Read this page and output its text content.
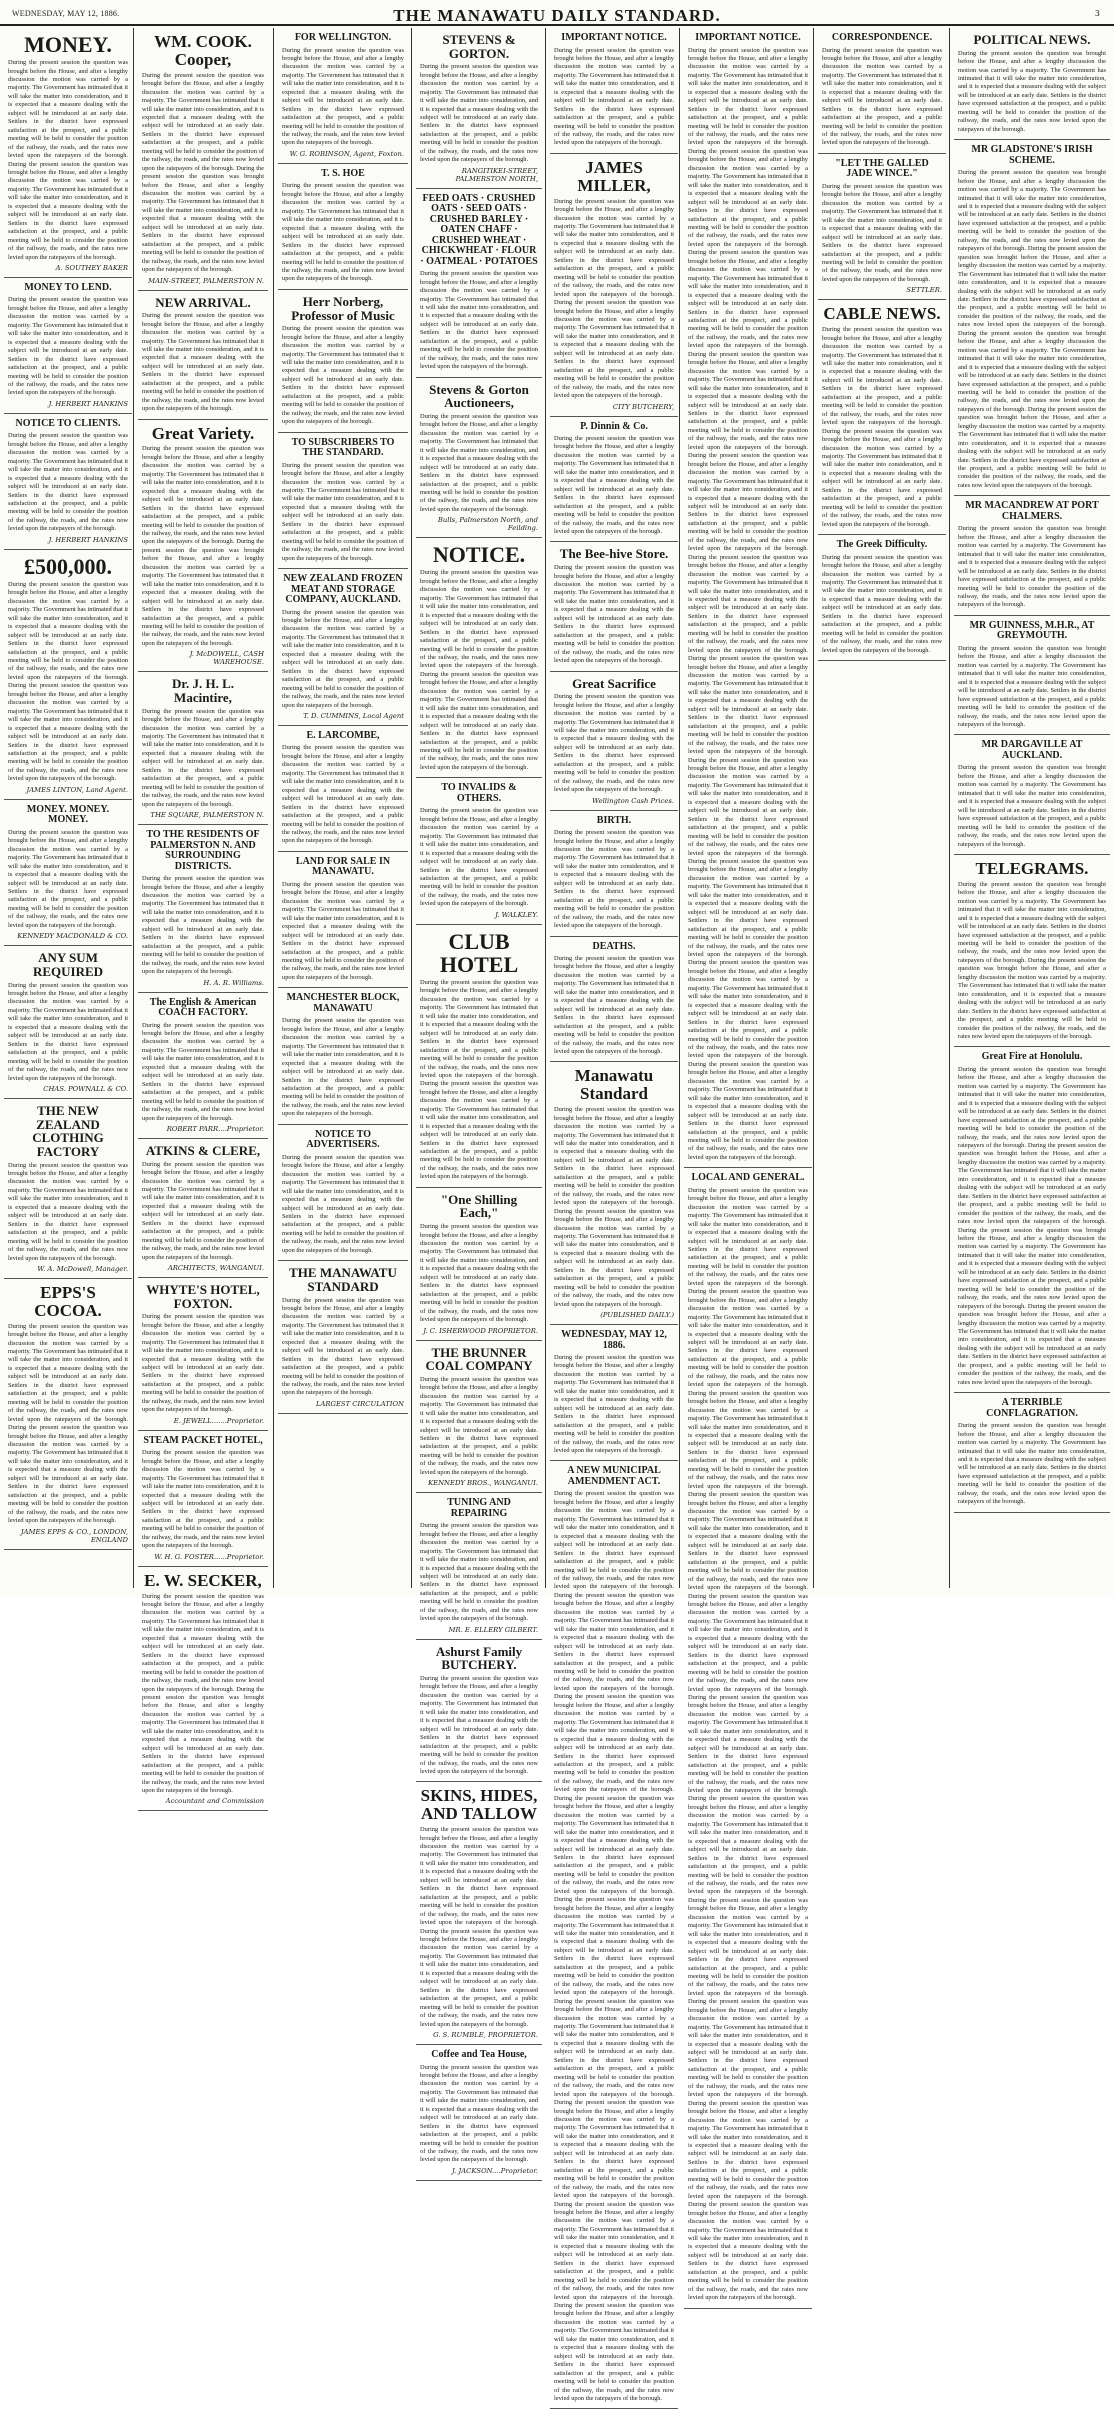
WEDNESDAY, MAY 12, 1886.	THE MANAWATU DAILY STANDARD.	3
MONEY.
During the present session the question was brought before the House, and after a lengthy discussion the motion was carried by a majority. The Government has intimated that it will take the matter into consideration, and it is expected that a measure dealing with the subject will be introduced at an early date. Settlers in the district have expressed satisfaction at the prospect, and a public meeting will be held to consider the position of the railway, the roads, and the rates now levied upon the ratepayers of the borough. During the present session the question was brought before the House, and after a lengthy discussion the motion was carried by a majority. The Government has intimated that it will take the matter into consideration, and it is expected that a measure dealing with the subject will be introduced at an early date. Settlers in the district have expressed satisfaction at the prospect, and a public meeting will be held to consider the position of the railway, the roads, and the rates now levied upon the ratepayers of the borough.
A. SOUTHEY BAKER
MONEY TO LEND.
During the present session the question was brought before the House, and after a lengthy discussion the motion was carried by a majority. The Government has intimated that it will take the matter into consideration, and it is expected that a measure dealing with the subject will be introduced at an early date. Settlers in the district have expressed satisfaction at the prospect, and a public meeting will be held to consider the position of the railway, the roads, and the rates now levied upon the ratepayers of the borough.
J. HERBERT HANKINS
NOTICE TO CLIENTS.
During the present session the question was brought before the House, and after a lengthy discussion the motion was carried by a majority. The Government has intimated that it will take the matter into consideration, and it is expected that a measure dealing with the subject will be introduced at an early date. Settlers in the district have expressed satisfaction at the prospect, and a public meeting will be held to consider the position of the railway, the roads, and the rates now levied upon the ratepayers of the borough.
J. HERBERT HANKINS
£500,000.
During the present session the question was brought before the House, and after a lengthy discussion the motion was carried by a majority. The Government has intimated that it will take the matter into consideration, and it is expected that a measure dealing with the subject will be introduced at an early date. Settlers in the district have expressed satisfaction at the prospect, and a public meeting will be held to consider the position of the railway, the roads, and the rates now levied upon the ratepayers of the borough. During the present session the question was brought before the House, and after a lengthy discussion the motion was carried by a majority. The Government has intimated that it will take the matter into consideration, and it is expected that a measure dealing with the subject will be introduced at an early date. Settlers in the district have expressed satisfaction at the prospect, and a public meeting will be held to consider the position of the railway, the roads, and the rates now levied upon the ratepayers of the borough.
JAMES LINTON, Land Agent.
MONEY. MONEY. MONEY.
During the present session the question was brought before the House, and after a lengthy discussion the motion was carried by a majority. The Government has intimated that it will take the matter into consideration, and it is expected that a measure dealing with the subject will be introduced at an early date. Settlers in the district have expressed satisfaction at the prospect, and a public meeting will be held to consider the position of the railway, the roads, and the rates now levied upon the ratepayers of the borough.
KENNEDY MACDONALD & CO.
ANY SUM REQUIRED
During the present session the question was brought before the House, and after a lengthy discussion the motion was carried by a majority. The Government has intimated that it will take the matter into consideration, and it is expected that a measure dealing with the subject will be introduced at an early date. Settlers in the district have expressed satisfaction at the prospect, and a public meeting will be held to consider the position of the railway, the roads, and the rates now levied upon the ratepayers of the borough.
CHAS. POWNALL & CO.
THE NEW ZEALAND CLOTHING FACTORY
During the present session the question was brought before the House, and after a lengthy discussion the motion was carried by a majority. The Government has intimated that it will take the matter into consideration, and it is expected that a measure dealing with the subject will be introduced at an early date. Settlers in the district have expressed satisfaction at the prospect, and a public meeting will be held to consider the position of the railway, the roads, and the rates now levied upon the ratepayers of the borough.
W. A. McDowell, Manager.
EPPS'S COCOA.
During the present session the question was brought before the House, and after a lengthy discussion the motion was carried by a majority. The Government has intimated that it will take the matter into consideration, and it is expected that a measure dealing with the subject will be introduced at an early date. Settlers in the district have expressed satisfaction at the prospect, and a public meeting will be held to consider the position of the railway, the roads, and the rates now levied upon the ratepayers of the borough. During the present session the question was brought before the House, and after a lengthy discussion the motion was carried by a majority. The Government has intimated that it will take the matter into consideration, and it is expected that a measure dealing with the subject will be introduced at an early date. Settlers in the district have expressed satisfaction at the prospect, and a public meeting will be held to consider the position of the railway, the roads, and the rates now levied upon the ratepayers of the borough.
JAMES EPPS & CO., LONDON, ENGLAND
WM. COOK. Cooper,
During the present session the question was brought before the House, and after a lengthy discussion the motion was carried by a majority. The Government has intimated that it will take the matter into consideration, and it is expected that a measure dealing with the subject will be introduced at an early date. Settlers in the district have expressed satisfaction at the prospect, and a public meeting will be held to consider the position of the railway, the roads, and the rates now levied upon the ratepayers of the borough. During the present session the question was brought before the House, and after a lengthy discussion the motion was carried by a majority. The Government has intimated that it will take the matter into consideration, and it is expected that a measure dealing with the subject will be introduced at an early date. Settlers in the district have expressed satisfaction at the prospect, and a public meeting will be held to consider the position of the railway, the roads, and the rates now levied upon the ratepayers of the borough.
MAIN-STREET, PALMERSTON N.
NEW ARRIVAL.
During the present session the question was brought before the House, and after a lengthy discussion the motion was carried by a majority. The Government has intimated that it will take the matter into consideration, and it is expected that a measure dealing with the subject will be introduced at an early date. Settlers in the district have expressed satisfaction at the prospect, and a public meeting will be held to consider the position of the railway, the roads, and the rates now levied upon the ratepayers of the borough.
Great Variety.
During the present session the question was brought before the House, and after a lengthy discussion the motion was carried by a majority. The Government has intimated that it will take the matter into consideration, and it is expected that a measure dealing with the subject will be introduced at an early date. Settlers in the district have expressed satisfaction at the prospect, and a public meeting will be held to consider the position of the railway, the roads, and the rates now levied upon the ratepayers of the borough. During the present session the question was brought before the House, and after a lengthy discussion the motion was carried by a majority. The Government has intimated that it will take the matter into consideration, and it is expected that a measure dealing with the subject will be introduced at an early date. Settlers in the district have expressed satisfaction at the prospect, and a public meeting will be held to consider the position of the railway, the roads, and the rates now levied upon the ratepayers of the borough.
J. McDOWELL, CASH WAREHOUSE.
Dr. J. H. L. Macintire,
During the present session the question was brought before the House, and after a lengthy discussion the motion was carried by a majority. The Government has intimated that it will take the matter into consideration, and it is expected that a measure dealing with the subject will be introduced at an early date. Settlers in the district have expressed satisfaction at the prospect, and a public meeting will be held to consider the position of the railway, the roads, and the rates now levied upon the ratepayers of the borough.
THE SQUARE, PALMERSTON N.
TO THE RESIDENTS OF PALMERSTON N. AND SURROUNDING DISTRICTS.
During the present session the question was brought before the House, and after a lengthy discussion the motion was carried by a majority. The Government has intimated that it will take the matter into consideration, and it is expected that a measure dealing with the subject will be introduced at an early date. Settlers in the district have expressed satisfaction at the prospect, and a public meeting will be held to consider the position of the railway, the roads, and the rates now levied upon the ratepayers of the borough.
H. A. R. Williams.
The English & American COACH FACTORY.
During the present session the question was brought before the House, and after a lengthy discussion the motion was carried by a majority. The Government has intimated that it will take the matter into consideration, and it is expected that a measure dealing with the subject will be introduced at an early date. Settlers in the district have expressed satisfaction at the prospect, and a public meeting will be held to consider the position of the railway, the roads, and the rates now levied upon the ratepayers of the borough.
ROBERT PARR....Proprietor.
ATKINS & CLERE,
During the present session the question was brought before the House, and after a lengthy discussion the motion was carried by a majority. The Government has intimated that it will take the matter into consideration, and it is expected that a measure dealing with the subject will be introduced at an early date. Settlers in the district have expressed satisfaction at the prospect, and a public meeting will be held to consider the position of the railway, the roads, and the rates now levied upon the ratepayers of the borough.
ARCHITECTS, WANGANUI.
WHYTE'S HOTEL, FOXTON.
During the present session the question was brought before the House, and after a lengthy discussion the motion was carried by a majority. The Government has intimated that it will take the matter into consideration, and it is expected that a measure dealing with the subject will be introduced at an early date. Settlers in the district have expressed satisfaction at the prospect, and a public meeting will be held to consider the position of the railway, the roads, and the rates now levied upon the ratepayers of the borough.
E. JEWELL.......Proprietor.
STEAM PACKET HOTEL,
During the present session the question was brought before the House, and after a lengthy discussion the motion was carried by a majority. The Government has intimated that it will take the matter into consideration, and it is expected that a measure dealing with the subject will be introduced at an early date. Settlers in the district have expressed satisfaction at the prospect, and a public meeting will be held to consider the position of the railway, the roads, and the rates now levied upon the ratepayers of the borough.
W. H. G. FOSTER......Proprietor.
E. W. SECKER,
During the present session the question was brought before the House, and after a lengthy discussion the motion was carried by a majority. The Government has intimated that it will take the matter into consideration, and it is expected that a measure dealing with the subject will be introduced at an early date. Settlers in the district have expressed satisfaction at the prospect, and a public meeting will be held to consider the position of the railway, the roads, and the rates now levied upon the ratepayers of the borough. During the present session the question was brought before the House, and after a lengthy discussion the motion was carried by a majority. The Government has intimated that it will take the matter into consideration, and it is expected that a measure dealing with the subject will be introduced at an early date. Settlers in the district have expressed satisfaction at the prospect, and a public meeting will be held to consider the position of the railway, the roads, and the rates now levied upon the ratepayers of the borough.
Accountant and Commission
FOR WELLINGTON.
During the present session the question was brought before the House, and after a lengthy discussion the motion was carried by a majority. The Government has intimated that it will take the matter into consideration, and it is expected that a measure dealing with the subject will be introduced at an early date. Settlers in the district have expressed satisfaction at the prospect, and a public meeting will be held to consider the position of the railway, the roads, and the rates now levied upon the ratepayers of the borough.
W. G. ROBINSON, Agent, Foxton.
T. S. HOE
During the present session the question was brought before the House, and after a lengthy discussion the motion was carried by a majority. The Government has intimated that it will take the matter into consideration, and it is expected that a measure dealing with the subject will be introduced at an early date. Settlers in the district have expressed satisfaction at the prospect, and a public meeting will be held to consider the position of the railway, the roads, and the rates now levied upon the ratepayers of the borough.
Herr Norberg, Professor of Music
During the present session the question was brought before the House, and after a lengthy discussion the motion was carried by a majority. The Government has intimated that it will take the matter into consideration, and it is expected that a measure dealing with the subject will be introduced at an early date. Settlers in the district have expressed satisfaction at the prospect, and a public meeting will be held to consider the position of the railway, the roads, and the rates now levied upon the ratepayers of the borough.
TO SUBSCRIBERS TO THE STANDARD.
During the present session the question was brought before the House, and after a lengthy discussion the motion was carried by a majority. The Government has intimated that it will take the matter into consideration, and it is expected that a measure dealing with the subject will be introduced at an early date. Settlers in the district have expressed satisfaction at the prospect, and a public meeting will be held to consider the position of the railway, the roads, and the rates now levied upon the ratepayers of the borough.
NEW ZEALAND FROZEN MEAT AND STORAGE COMPANY, AUCKLAND.
During the present session the question was brought before the House, and after a lengthy discussion the motion was carried by a majority. The Government has intimated that it will take the matter into consideration, and it is expected that a measure dealing with the subject will be introduced at an early date. Settlers in the district have expressed satisfaction at the prospect, and a public meeting will be held to consider the position of the railway, the roads, and the rates now levied upon the ratepayers of the borough.
T. D. CUMMINS, Local Agent
E. LARCOMBE,
During the present session the question was brought before the House, and after a lengthy discussion the motion was carried by a majority. The Government has intimated that it will take the matter into consideration, and it is expected that a measure dealing with the subject will be introduced at an early date. Settlers in the district have expressed satisfaction at the prospect, and a public meeting will be held to consider the position of the railway, the roads, and the rates now levied upon the ratepayers of the borough.
LAND FOR SALE IN MANAWATU.
During the present session the question was brought before the House, and after a lengthy discussion the motion was carried by a majority. The Government has intimated that it will take the matter into consideration, and it is expected that a measure dealing with the subject will be introduced at an early date. Settlers in the district have expressed satisfaction at the prospect, and a public meeting will be held to consider the position of the railway, the roads, and the rates now levied upon the ratepayers of the borough.
MANCHESTER BLOCK, MANAWATU
During the present session the question was brought before the House, and after a lengthy discussion the motion was carried by a majority. The Government has intimated that it will take the matter into consideration, and it is expected that a measure dealing with the subject will be introduced at an early date. Settlers in the district have expressed satisfaction at the prospect, and a public meeting will be held to consider the position of the railway, the roads, and the rates now levied upon the ratepayers of the borough.
NOTICE TO ADVERTISERS.
During the present session the question was brought before the House, and after a lengthy discussion the motion was carried by a majority. The Government has intimated that it will take the matter into consideration, and it is expected that a measure dealing with the subject will be introduced at an early date. Settlers in the district have expressed satisfaction at the prospect, and a public meeting will be held to consider the position of the railway, the roads, and the rates now levied upon the ratepayers of the borough.
THE MANAWATU STANDARD
During the present session the question was brought before the House, and after a lengthy discussion the motion was carried by a majority. The Government has intimated that it will take the matter into consideration, and it is expected that a measure dealing with the subject will be introduced at an early date. Settlers in the district have expressed satisfaction at the prospect, and a public meeting will be held to consider the position of the railway, the roads, and the rates now levied upon the ratepayers of the borough.
LARGEST CIRCULATION
STEVENS & GORTON.
During the present session the question was brought before the House, and after a lengthy discussion the motion was carried by a majority. The Government has intimated that it will take the matter into consideration, and it is expected that a measure dealing with the subject will be introduced at an early date. Settlers in the district have expressed satisfaction at the prospect, and a public meeting will be held to consider the position of the railway, the roads, and the rates now levied upon the ratepayers of the borough.
RANGITIKEI-STREET, PALMERSTON NORTH,
FEED OATS · CRUSHED OATS · SEED OATS · CRUSHED BARLEY · OATEN CHAFF · CRUSHED WHEAT · CHICKWHEAT · FLOUR · OATMEAL · POTATOES
During the present session the question was brought before the House, and after a lengthy discussion the motion was carried by a majority. The Government has intimated that it will take the matter into consideration, and it is expected that a measure dealing with the subject will be introduced at an early date. Settlers in the district have expressed satisfaction at the prospect, and a public meeting will be held to consider the position of the railway, the roads, and the rates now levied upon the ratepayers of the borough.
Stevens & Gorton Auctioneers,
During the present session the question was brought before the House, and after a lengthy discussion the motion was carried by a majority. The Government has intimated that it will take the matter into consideration, and it is expected that a measure dealing with the subject will be introduced at an early date. Settlers in the district have expressed satisfaction at the prospect, and a public meeting will be held to consider the position of the railway, the roads, and the rates now levied upon the ratepayers of the borough.
Bulls, Palmerston North, and Feilding.
NOTICE.
During the present session the question was brought before the House, and after a lengthy discussion the motion was carried by a majority. The Government has intimated that it will take the matter into consideration, and it is expected that a measure dealing with the subject will be introduced at an early date. Settlers in the district have expressed satisfaction at the prospect, and a public meeting will be held to consider the position of the railway, the roads, and the rates now levied upon the ratepayers of the borough. During the present session the question was brought before the House, and after a lengthy discussion the motion was carried by a majority. The Government has intimated that it will take the matter into consideration, and it is expected that a measure dealing with the subject will be introduced at an early date. Settlers in the district have expressed satisfaction at the prospect, and a public meeting will be held to consider the position of the railway, the roads, and the rates now levied upon the ratepayers of the borough.
TO INVALIDS & OTHERS.
During the present session the question was brought before the House, and after a lengthy discussion the motion was carried by a majority. The Government has intimated that it will take the matter into consideration, and it is expected that a measure dealing with the subject will be introduced at an early date. Settlers in the district have expressed satisfaction at the prospect, and a public meeting will be held to consider the position of the railway, the roads, and the rates now levied upon the ratepayers of the borough.
J. WALKLEY.
CLUB HOTEL
During the present session the question was brought before the House, and after a lengthy discussion the motion was carried by a majority. The Government has intimated that it will take the matter into consideration, and it is expected that a measure dealing with the subject will be introduced at an early date. Settlers in the district have expressed satisfaction at the prospect, and a public meeting will be held to consider the position of the railway, the roads, and the rates now levied upon the ratepayers of the borough. During the present session the question was brought before the House, and after a lengthy discussion the motion was carried by a majority. The Government has intimated that it will take the matter into consideration, and it is expected that a measure dealing with the subject will be introduced at an early date. Settlers in the district have expressed satisfaction at the prospect, and a public meeting will be held to consider the position of the railway, the roads, and the rates now levied upon the ratepayers of the borough.
"One Shilling Each,"
During the present session the question was brought before the House, and after a lengthy discussion the motion was carried by a majority. The Government has intimated that it will take the matter into consideration, and it is expected that a measure dealing with the subject will be introduced at an early date. Settlers in the district have expressed satisfaction at the prospect, and a public meeting will be held to consider the position of the railway, the roads, and the rates now levied upon the ratepayers of the borough.
J. C. ISHERWOOD PROPRIETOR.
THE BRUNNER COAL COMPANY
During the present session the question was brought before the House, and after a lengthy discussion the motion was carried by a majority. The Government has intimated that it will take the matter into consideration, and it is expected that a measure dealing with the subject will be introduced at an early date. Settlers in the district have expressed satisfaction at the prospect, and a public meeting will be held to consider the position of the railway, the roads, and the rates now levied upon the ratepayers of the borough.
KENNEDY BROS., WANGANUI.
TUNING AND REPAIRING
During the present session the question was brought before the House, and after a lengthy discussion the motion was carried by a majority. The Government has intimated that it will take the matter into consideration, and it is expected that a measure dealing with the subject will be introduced at an early date. Settlers in the district have expressed satisfaction at the prospect, and a public meeting will be held to consider the position of the railway, the roads, and the rates now levied upon the ratepayers of the borough.
MR. E. ELLERY GILBERT.
Ashurst Family BUTCHERY.
During the present session the question was brought before the House, and after a lengthy discussion the motion was carried by a majority. The Government has intimated that it will take the matter into consideration, and it is expected that a measure dealing with the subject will be introduced at an early date. Settlers in the district have expressed satisfaction at the prospect, and a public meeting will be held to consider the position of the railway, the roads, and the rates now levied upon the ratepayers of the borough.
SKINS, HIDES, AND TALLOW
During the present session the question was brought before the House, and after a lengthy discussion the motion was carried by a majority. The Government has intimated that it will take the matter into consideration, and it is expected that a measure dealing with the subject will be introduced at an early date. Settlers in the district have expressed satisfaction at the prospect, and a public meeting will be held to consider the position of the railway, the roads, and the rates now levied upon the ratepayers of the borough. During the present session the question was brought before the House, and after a lengthy discussion the motion was carried by a majority. The Government has intimated that it will take the matter into consideration, and it is expected that a measure dealing with the subject will be introduced at an early date. Settlers in the district have expressed satisfaction at the prospect, and a public meeting will be held to consider the position of the railway, the roads, and the rates now levied upon the ratepayers of the borough.
G. S. RUMBLE, PROPRIETOR.
Coffee and Tea House,
During the present session the question was brought before the House, and after a lengthy discussion the motion was carried by a majority. The Government has intimated that it will take the matter into consideration, and it is expected that a measure dealing with the subject will be introduced at an early date. Settlers in the district have expressed satisfaction at the prospect, and a public meeting will be held to consider the position of the railway, the roads, and the rates now levied upon the ratepayers of the borough.
J. JACKSON....Proprietor.
IMPORTANT NOTICE.
During the present session the question was brought before the House, and after a lengthy discussion the motion was carried by a majority. The Government has intimated that it will take the matter into consideration, and it is expected that a measure dealing with the subject will be introduced at an early date. Settlers in the district have expressed satisfaction at the prospect, and a public meeting will be held to consider the position of the railway, the roads, and the rates now levied upon the ratepayers of the borough.
JAMES MILLER,
During the present session the question was brought before the House, and after a lengthy discussion the motion was carried by a majority. The Government has intimated that it will take the matter into consideration, and it is expected that a measure dealing with the subject will be introduced at an early date. Settlers in the district have expressed satisfaction at the prospect, and a public meeting will be held to consider the position of the railway, the roads, and the rates now levied upon the ratepayers of the borough. During the present session the question was brought before the House, and after a lengthy discussion the motion was carried by a majority. The Government has intimated that it will take the matter into consideration, and it is expected that a measure dealing with the subject will be introduced at an early date. Settlers in the district have expressed satisfaction at the prospect, and a public meeting will be held to consider the position of the railway, the roads, and the rates now levied upon the ratepayers of the borough.
CITY BUTCHERY,
P. Dinnin & Co.
During the present session the question was brought before the House, and after a lengthy discussion the motion was carried by a majority. The Government has intimated that it will take the matter into consideration, and it is expected that a measure dealing with the subject will be introduced at an early date. Settlers in the district have expressed satisfaction at the prospect, and a public meeting will be held to consider the position of the railway, the roads, and the rates now levied upon the ratepayers of the borough.
The Bee-hive Store.
During the present session the question was brought before the House, and after a lengthy discussion the motion was carried by a majority. The Government has intimated that it will take the matter into consideration, and it is expected that a measure dealing with the subject will be introduced at an early date. Settlers in the district have expressed satisfaction at the prospect, and a public meeting will be held to consider the position of the railway, the roads, and the rates now levied upon the ratepayers of the borough.
Great Sacrifice
During the present session the question was brought before the House, and after a lengthy discussion the motion was carried by a majority. The Government has intimated that it will take the matter into consideration, and it is expected that a measure dealing with the subject will be introduced at an early date. Settlers in the district have expressed satisfaction at the prospect, and a public meeting will be held to consider the position of the railway, the roads, and the rates now levied upon the ratepayers of the borough.
Wellington Cash Prices.
BIRTH.
During the present session the question was brought before the House, and after a lengthy discussion the motion was carried by a majority. The Government has intimated that it will take the matter into consideration, and it is expected that a measure dealing with the subject will be introduced at an early date. Settlers in the district have expressed satisfaction at the prospect, and a public meeting will be held to consider the position of the railway, the roads, and the rates now levied upon the ratepayers of the borough.
DEATHS.
During the present session the question was brought before the House, and after a lengthy discussion the motion was carried by a majority. The Government has intimated that it will take the matter into consideration, and it is expected that a measure dealing with the subject will be introduced at an early date. Settlers in the district have expressed satisfaction at the prospect, and a public meeting will be held to consider the position of the railway, the roads, and the rates now levied upon the ratepayers of the borough.
Manawatu Standard
During the present session the question was brought before the House, and after a lengthy discussion the motion was carried by a majority. The Government has intimated that it will take the matter into consideration, and it is expected that a measure dealing with the subject will be introduced at an early date. Settlers in the district have expressed satisfaction at the prospect, and a public meeting will be held to consider the position of the railway, the roads, and the rates now levied upon the ratepayers of the borough. During the present session the question was brought before the House, and after a lengthy discussion the motion was carried by a majority. The Government has intimated that it will take the matter into consideration, and it is expected that a measure dealing with the subject will be introduced at an early date. Settlers in the district have expressed satisfaction at the prospect, and a public meeting will be held to consider the position of the railway, the roads, and the rates now levied upon the ratepayers of the borough.
(PUBLISHED DAILY.)
WEDNESDAY, MAY 12, 1886.
During the present session the question was brought before the House, and after a lengthy discussion the motion was carried by a majority. The Government has intimated that it will take the matter into consideration, and it is expected that a measure dealing with the subject will be introduced at an early date. Settlers in the district have expressed satisfaction at the prospect, and a public meeting will be held to consider the position of the railway, the roads, and the rates now levied upon the ratepayers of the borough.
A NEW MUNICIPAL AMENDMENT ACT.
During the present session the question was brought before the House, and after a lengthy discussion the motion was carried by a majority. The Government has intimated that it will take the matter into consideration, and it is expected that a measure dealing with the subject will be introduced at an early date. Settlers in the district have expressed satisfaction at the prospect, and a public meeting will be held to consider the position of the railway, the roads, and the rates now levied upon the ratepayers of the borough. During the present session the question was brought before the House, and after a lengthy discussion the motion was carried by a majority. The Government has intimated that it will take the matter into consideration, and it is expected that a measure dealing with the subject will be introduced at an early date. Settlers in the district have expressed satisfaction at the prospect, and a public meeting will be held to consider the position of the railway, the roads, and the rates now levied upon the ratepayers of the borough. During the present session the question was brought before the House, and after a lengthy discussion the motion was carried by a majority. The Government has intimated that it will take the matter into consideration, and it is expected that a measure dealing with the subject will be introduced at an early date. Settlers in the district have expressed satisfaction at the prospect, and a public meeting will be held to consider the position of the railway, the roads, and the rates now levied upon the ratepayers of the borough. During the present session the question was brought before the House, and after a lengthy discussion the motion was carried by a majority. The Government has intimated that it will take the matter into consideration, and it is expected that a measure dealing with the subject will be introduced at an early date. Settlers in the district have expressed satisfaction at the prospect, and a public meeting will be held to consider the position of the railway, the roads, and the rates now levied upon the ratepayers of the borough. During the present session the question was brought before the House, and after a lengthy discussion the motion was carried by a majority. The Government has intimated that it will take the matter into consideration, and it is expected that a measure dealing with the subject will be introduced at an early date. Settlers in the district have expressed satisfaction at the prospect, and a public meeting will be held to consider the position of the railway, the roads, and the rates now levied upon the ratepayers of the borough. During the present session the question was brought before the House, and after a lengthy discussion the motion was carried by a majority. The Government has intimated that it will take the matter into consideration, and it is expected that a measure dealing with the subject will be introduced at an early date. Settlers in the district have expressed satisfaction at the prospect, and a public meeting will be held to consider the position of the railway, the roads, and the rates now levied upon the ratepayers of the borough. During the present session the question was brought before the House, and after a lengthy discussion the motion was carried by a majority. The Government has intimated that it will take the matter into consideration, and it is expected that a measure dealing with the subject will be introduced at an early date. Settlers in the district have expressed satisfaction at the prospect, and a public meeting will be held to consider the position of the railway, the roads, and the rates now levied upon the ratepayers of the borough. During the present session the question was brought before the House, and after a lengthy discussion the motion was carried by a majority. The Government has intimated that it will take the matter into consideration, and it is expected that a measure dealing with the subject will be introduced at an early date. Settlers in the district have expressed satisfaction at the prospect, and a public meeting will be held to consider the position of the railway, the roads, and the rates now levied upon the ratepayers of the borough. During the present session the question was brought before the House, and after a lengthy discussion the motion was carried by a majority. The Government has intimated that it will take the matter into consideration, and it is expected that a measure dealing with the subject will be introduced at an early date. Settlers in the district have expressed satisfaction at the prospect, and a public meeting will be held to consider the position of the railway, the roads, and the rates now levied upon the ratepayers of the borough.
IMPORTANT NOTICE.
During the present session the question was brought before the House, and after a lengthy discussion the motion was carried by a majority. The Government has intimated that it will take the matter into consideration, and it is expected that a measure dealing with the subject will be introduced at an early date. Settlers in the district have expressed satisfaction at the prospect, and a public meeting will be held to consider the position of the railway, the roads, and the rates now levied upon the ratepayers of the borough. During the present session the question was brought before the House, and after a lengthy discussion the motion was carried by a majority. The Government has intimated that it will take the matter into consideration, and it is expected that a measure dealing with the subject will be introduced at an early date. Settlers in the district have expressed satisfaction at the prospect, and a public meeting will be held to consider the position of the railway, the roads, and the rates now levied upon the ratepayers of the borough. During the present session the question was brought before the House, and after a lengthy discussion the motion was carried by a majority. The Government has intimated that it will take the matter into consideration, and it is expected that a measure dealing with the subject will be introduced at an early date. Settlers in the district have expressed satisfaction at the prospect, and a public meeting will be held to consider the position of the railway, the roads, and the rates now levied upon the ratepayers of the borough. During the present session the question was brought before the House, and after a lengthy discussion the motion was carried by a majority. The Government has intimated that it will take the matter into consideration, and it is expected that a measure dealing with the subject will be introduced at an early date. Settlers in the district have expressed satisfaction at the prospect, and a public meeting will be held to consider the position of the railway, the roads, and the rates now levied upon the ratepayers of the borough. During the present session the question was brought before the House, and after a lengthy discussion the motion was carried by a majority. The Government has intimated that it will take the matter into consideration, and it is expected that a measure dealing with the subject will be introduced at an early date. Settlers in the district have expressed satisfaction at the prospect, and a public meeting will be held to consider the position of the railway, the roads, and the rates now levied upon the ratepayers of the borough. During the present session the question was brought before the House, and after a lengthy discussion the motion was carried by a majority. The Government has intimated that it will take the matter into consideration, and it is expected that a measure dealing with the subject will be introduced at an early date. Settlers in the district have expressed satisfaction at the prospect, and a public meeting will be held to consider the position of the railway, the roads, and the rates now levied upon the ratepayers of the borough. During the present session the question was brought before the House, and after a lengthy discussion the motion was carried by a majority. The Government has intimated that it will take the matter into consideration, and it is expected that a measure dealing with the subject will be introduced at an early date. Settlers in the district have expressed satisfaction at the prospect, and a public meeting will be held to consider the position of the railway, the roads, and the rates now levied upon the ratepayers of the borough. During the present session the question was brought before the House, and after a lengthy discussion the motion was carried by a majority. The Government has intimated that it will take the matter into consideration, and it is expected that a measure dealing with the subject will be introduced at an early date. Settlers in the district have expressed satisfaction at the prospect, and a public meeting will be held to consider the position of the railway, the roads, and the rates now levied upon the ratepayers of the borough. During the present session the question was brought before the House, and after a lengthy discussion the motion was carried by a majority. The Government has intimated that it will take the matter into consideration, and it is expected that a measure dealing with the subject will be introduced at an early date. Settlers in the district have expressed satisfaction at the prospect, and a public meeting will be held to consider the position of the railway, the roads, and the rates now levied upon the ratepayers of the borough. During the present session the question was brought before the House, and after a lengthy discussion the motion was carried by a majority. The Government has intimated that it will take the matter into consideration, and it is expected that a measure dealing with the subject will be introduced at an early date. Settlers in the district have expressed satisfaction at the prospect, and a public meeting will be held to consider the position of the railway, the roads, and the rates now levied upon the ratepayers of the borough. During the present session the question was brought before the House, and after a lengthy discussion the motion was carried by a majority. The Government has intimated that it will take the matter into consideration, and it is expected that a measure dealing with the subject will be introduced at an early date. Settlers in the district have expressed satisfaction at the prospect, and a public meeting will be held to consider the position of the railway, the roads, and the rates now levied upon the ratepayers of the borough.
LOCAL AND GENERAL.
During the present session the question was brought before the House, and after a lengthy discussion the motion was carried by a majority. The Government has intimated that it will take the matter into consideration, and it is expected that a measure dealing with the subject will be introduced at an early date. Settlers in the district have expressed satisfaction at the prospect, and a public meeting will be held to consider the position of the railway, the roads, and the rates now levied upon the ratepayers of the borough. During the present session the question was brought before the House, and after a lengthy discussion the motion was carried by a majority. The Government has intimated that it will take the matter into consideration, and it is expected that a measure dealing with the subject will be introduced at an early date. Settlers in the district have expressed satisfaction at the prospect, and a public meeting will be held to consider the position of the railway, the roads, and the rates now levied upon the ratepayers of the borough. During the present session the question was brought before the House, and after a lengthy discussion the motion was carried by a majority. The Government has intimated that it will take the matter into consideration, and it is expected that a measure dealing with the subject will be introduced at an early date. Settlers in the district have expressed satisfaction at the prospect, and a public meeting will be held to consider the position of the railway, the roads, and the rates now levied upon the ratepayers of the borough. During the present session the question was brought before the House, and after a lengthy discussion the motion was carried by a majority. The Government has intimated that it will take the matter into consideration, and it is expected that a measure dealing with the subject will be introduced at an early date. Settlers in the district have expressed satisfaction at the prospect, and a public meeting will be held to consider the position of the railway, the roads, and the rates now levied upon the ratepayers of the borough. During the present session the question was brought before the House, and after a lengthy discussion the motion was carried by a majority. The Government has intimated that it will take the matter into consideration, and it is expected that a measure dealing with the subject will be introduced at an early date. Settlers in the district have expressed satisfaction at the prospect, and a public meeting will be held to consider the position of the railway, the roads, and the rates now levied upon the ratepayers of the borough. During the present session the question was brought before the House, and after a lengthy discussion the motion was carried by a majority. The Government has intimated that it will take the matter into consideration, and it is expected that a measure dealing with the subject will be introduced at an early date. Settlers in the district have expressed satisfaction at the prospect, and a public meeting will be held to consider the position of the railway, the roads, and the rates now levied upon the ratepayers of the borough. During the present session the question was brought before the House, and after a lengthy discussion the motion was carried by a majority. The Government has intimated that it will take the matter into consideration, and it is expected that a measure dealing with the subject will be introduced at an early date. Settlers in the district have expressed satisfaction at the prospect, and a public meeting will be held to consider the position of the railway, the roads, and the rates now levied upon the ratepayers of the borough. During the present session the question was brought before the House, and after a lengthy discussion the motion was carried by a majority. The Government has intimated that it will take the matter into consideration, and it is expected that a measure dealing with the subject will be introduced at an early date. Settlers in the district have expressed satisfaction at the prospect, and a public meeting will be held to consider the position of the railway, the roads, and the rates now levied upon the ratepayers of the borough. During the present session the question was brought before the House, and after a lengthy discussion the motion was carried by a majority. The Government has intimated that it will take the matter into consideration, and it is expected that a measure dealing with the subject will be introduced at an early date. Settlers in the district have expressed satisfaction at the prospect, and a public meeting will be held to consider the position of the railway, the roads, and the rates now levied upon the ratepayers of the borough. During the present session the question was brought before the House, and after a lengthy discussion the motion was carried by a majority. The Government has intimated that it will take the matter into consideration, and it is expected that a measure dealing with the subject will be introduced at an early date. Settlers in the district have expressed satisfaction at the prospect, and a public meeting will be held to consider the position of the railway, the roads, and the rates now levied upon the ratepayers of the borough. During the present session the question was brought before the House, and after a lengthy discussion the motion was carried by a majority. The Government has intimated that it will take the matter into consideration, and it is expected that a measure dealing with the subject will be introduced at an early date. Settlers in the district have expressed satisfaction at the prospect, and a public meeting will be held to consider the position of the railway, the roads, and the rates now levied upon the ratepayers of the borough.
CORRESPONDENCE.
During the present session the question was brought before the House, and after a lengthy discussion the motion was carried by a majority. The Government has intimated that it will take the matter into consideration, and it is expected that a measure dealing with the subject will be introduced at an early date. Settlers in the district have expressed satisfaction at the prospect, and a public meeting will be held to consider the position of the railway, the roads, and the rates now levied upon the ratepayers of the borough.
"LET THE GALLED JADE WINCE."
During the present session the question was brought before the House, and after a lengthy discussion the motion was carried by a majority. The Government has intimated that it will take the matter into consideration, and it is expected that a measure dealing with the subject will be introduced at an early date. Settlers in the district have expressed satisfaction at the prospect, and a public meeting will be held to consider the position of the railway, the roads, and the rates now levied upon the ratepayers of the borough.
SETTLER.
CABLE NEWS.
During the present session the question was brought before the House, and after a lengthy discussion the motion was carried by a majority. The Government has intimated that it will take the matter into consideration, and it is expected that a measure dealing with the subject will be introduced at an early date. Settlers in the district have expressed satisfaction at the prospect, and a public meeting will be held to consider the position of the railway, the roads, and the rates now levied upon the ratepayers of the borough. During the present session the question was brought before the House, and after a lengthy discussion the motion was carried by a majority. The Government has intimated that it will take the matter into consideration, and it is expected that a measure dealing with the subject will be introduced at an early date. Settlers in the district have expressed satisfaction at the prospect, and a public meeting will be held to consider the position of the railway, the roads, and the rates now levied upon the ratepayers of the borough.
The Greek Difficulty.
During the present session the question was brought before the House, and after a lengthy discussion the motion was carried by a majority. The Government has intimated that it will take the matter into consideration, and it is expected that a measure dealing with the subject will be introduced at an early date. Settlers in the district have expressed satisfaction at the prospect, and a public meeting will be held to consider the position of the railway, the roads, and the rates now levied upon the ratepayers of the borough.
POLITICAL NEWS.
During the present session the question was brought before the House, and after a lengthy discussion the motion was carried by a majority. The Government has intimated that it will take the matter into consideration, and it is expected that a measure dealing with the subject will be introduced at an early date. Settlers in the district have expressed satisfaction at the prospect, and a public meeting will be held to consider the position of the railway, the roads, and the rates now levied upon the ratepayers of the borough.
MR GLADSTONE'S IRISH SCHEME.
During the present session the question was brought before the House, and after a lengthy discussion the motion was carried by a majority. The Government has intimated that it will take the matter into consideration, and it is expected that a measure dealing with the subject will be introduced at an early date. Settlers in the district have expressed satisfaction at the prospect, and a public meeting will be held to consider the position of the railway, the roads, and the rates now levied upon the ratepayers of the borough. During the present session the question was brought before the House, and after a lengthy discussion the motion was carried by a majority. The Government has intimated that it will take the matter into consideration, and it is expected that a measure dealing with the subject will be introduced at an early date. Settlers in the district have expressed satisfaction at the prospect, and a public meeting will be held to consider the position of the railway, the roads, and the rates now levied upon the ratepayers of the borough. During the present session the question was brought before the House, and after a lengthy discussion the motion was carried by a majority. The Government has intimated that it will take the matter into consideration, and it is expected that a measure dealing with the subject will be introduced at an early date. Settlers in the district have expressed satisfaction at the prospect, and a public meeting will be held to consider the position of the railway, the roads, and the rates now levied upon the ratepayers of the borough. During the present session the question was brought before the House, and after a lengthy discussion the motion was carried by a majority. The Government has intimated that it will take the matter into consideration, and it is expected that a measure dealing with the subject will be introduced at an early date. Settlers in the district have expressed satisfaction at the prospect, and a public meeting will be held to consider the position of the railway, the roads, and the rates now levied upon the ratepayers of the borough.
MR MACANDREW AT PORT CHALMERS.
During the present session the question was brought before the House, and after a lengthy discussion the motion was carried by a majority. The Government has intimated that it will take the matter into consideration, and it is expected that a measure dealing with the subject will be introduced at an early date. Settlers in the district have expressed satisfaction at the prospect, and a public meeting will be held to consider the position of the railway, the roads, and the rates now levied upon the ratepayers of the borough.
MR GUINNESS, M.H.R., AT GREYMOUTH.
During the present session the question was brought before the House, and after a lengthy discussion the motion was carried by a majority. The Government has intimated that it will take the matter into consideration, and it is expected that a measure dealing with the subject will be introduced at an early date. Settlers in the district have expressed satisfaction at the prospect, and a public meeting will be held to consider the position of the railway, the roads, and the rates now levied upon the ratepayers of the borough.
MR DARGAVILLE AT AUCKLAND.
During the present session the question was brought before the House, and after a lengthy discussion the motion was carried by a majority. The Government has intimated that it will take the matter into consideration, and it is expected that a measure dealing with the subject will be introduced at an early date. Settlers in the district have expressed satisfaction at the prospect, and a public meeting will be held to consider the position of the railway, the roads, and the rates now levied upon the ratepayers of the borough.
TELEGRAMS.
During the present session the question was brought before the House, and after a lengthy discussion the motion was carried by a majority. The Government has intimated that it will take the matter into consideration, and it is expected that a measure dealing with the subject will be introduced at an early date. Settlers in the district have expressed satisfaction at the prospect, and a public meeting will be held to consider the position of the railway, the roads, and the rates now levied upon the ratepayers of the borough. During the present session the question was brought before the House, and after a lengthy discussion the motion was carried by a majority. The Government has intimated that it will take the matter into consideration, and it is expected that a measure dealing with the subject will be introduced at an early date. Settlers in the district have expressed satisfaction at the prospect, and a public meeting will be held to consider the position of the railway, the roads, and the rates now levied upon the ratepayers of the borough.
Great Fire at Honolulu.
During the present session the question was brought before the House, and after a lengthy discussion the motion was carried by a majority. The Government has intimated that it will take the matter into consideration, and it is expected that a measure dealing with the subject will be introduced at an early date. Settlers in the district have expressed satisfaction at the prospect, and a public meeting will be held to consider the position of the railway, the roads, and the rates now levied upon the ratepayers of the borough. During the present session the question was brought before the House, and after a lengthy discussion the motion was carried by a majority. The Government has intimated that it will take the matter into consideration, and it is expected that a measure dealing with the subject will be introduced at an early date. Settlers in the district have expressed satisfaction at the prospect, and a public meeting will be held to consider the position of the railway, the roads, and the rates now levied upon the ratepayers of the borough. During the present session the question was brought before the House, and after a lengthy discussion the motion was carried by a majority. The Government has intimated that it will take the matter into consideration, and it is expected that a measure dealing with the subject will be introduced at an early date. Settlers in the district have expressed satisfaction at the prospect, and a public meeting will be held to consider the position of the railway, the roads, and the rates now levied upon the ratepayers of the borough. During the present session the question was brought before the House, and after a lengthy discussion the motion was carried by a majority. The Government has intimated that it will take the matter into consideration, and it is expected that a measure dealing with the subject will be introduced at an early date. Settlers in the district have expressed satisfaction at the prospect, and a public meeting will be held to consider the position of the railway, the roads, and the rates now levied upon the ratepayers of the borough.
A TERRIBLE CONFLAGRATION.
During the present session the question was brought before the House, and after a lengthy discussion the motion was carried by a majority. The Government has intimated that it will take the matter into consideration, and it is expected that a measure dealing with the subject will be introduced at an early date. Settlers in the district have expressed satisfaction at the prospect, and a public meeting will be held to consider the position of the railway, the roads, and the rates now levied upon the ratepayers of the borough.
